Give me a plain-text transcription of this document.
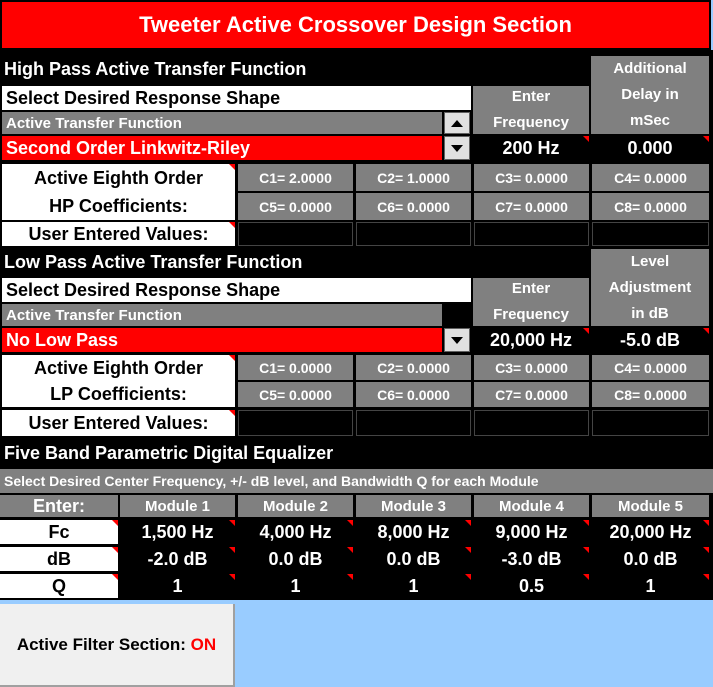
Tweeter Active Crossover Design Section
High Pass Active Transfer Function
Select Desired Response Shape
Active Transfer Function
Second Order Linkwitz-Riley
Enter
Frequency
200 Hz
Additional
Delay in
mSec
0.000
Active Eighth Order
HP Coefficients:
C1= 2.0000	C2= 1.0000	C3= 0.0000	C4= 0.0000
C5= 0.0000	C6= 0.0000	C7= 0.0000	C8= 0.0000
User Entered Values:
Low Pass Active Transfer Function
Select Desired Response Shape
Active Transfer Function
No Low Pass
Enter
Frequency
20,000 Hz
Level
Adjustment
in dB
-5.0 dB
Active Eighth Order
LP Coefficients:
C1= 0.0000	C2= 0.0000	C3= 0.0000	C4= 0.0000
C5= 0.0000	C6= 0.0000	C7= 0.0000	C8= 0.0000
User Entered Values:
Five Band Parametric Digital Equalizer
Select Desired Center Frequency, +/- dB level, and Bandwidth Q for each Module
Enter:	Module 1	Module 2	Module 3	Module 4	Module 5
Fc	1,500 Hz	4,000 Hz	8,000 Hz	9,000 Hz	20,000 Hz
dB	-2.0 dB	0.0 dB	0.0 dB	-3.0 dB	0.0 dB
Q	1	1	1	0.5	1
Active Filter Section: ON
